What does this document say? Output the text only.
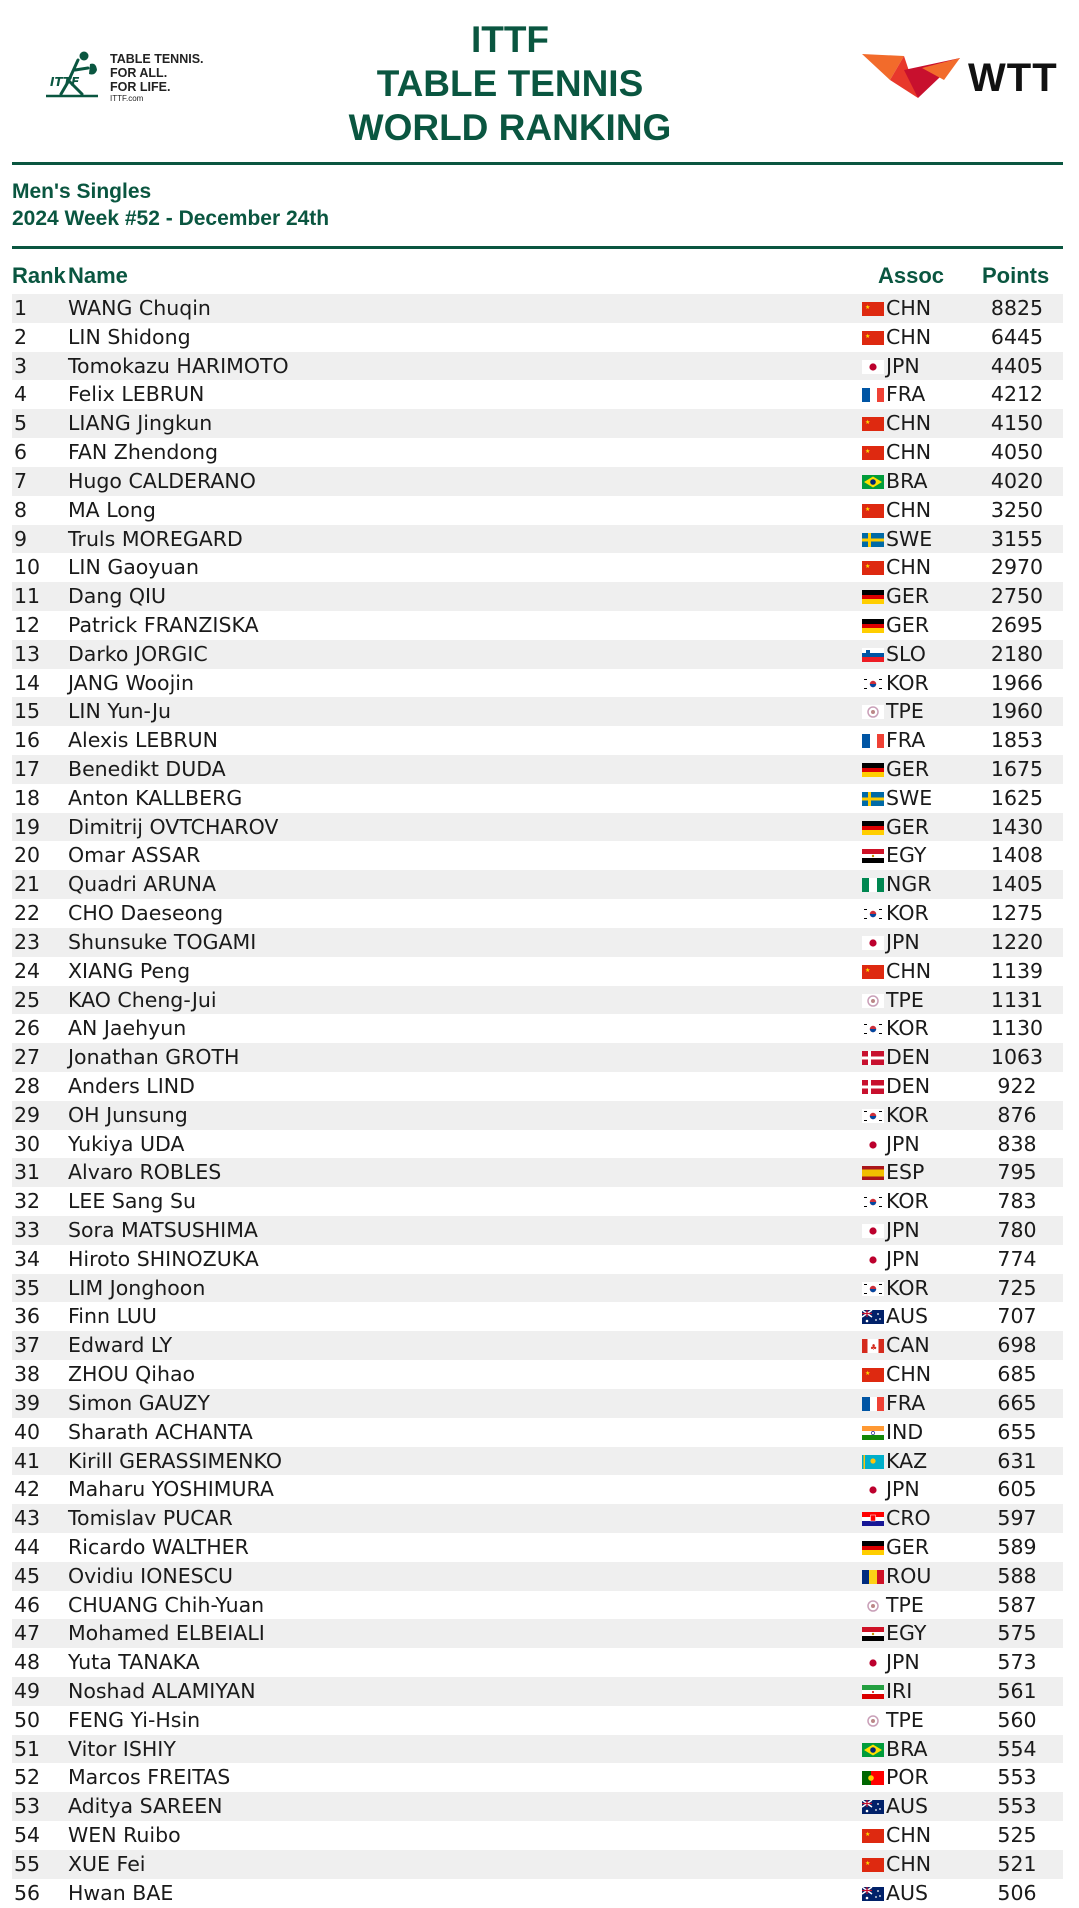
ITTF
TABLE TENNIS.
FOR ALL.
FOR LIFE.
ITTF.com
ITTF
TABLE TENNIS
WORLD RANKING
WTT
Men's Singles
2024 Week #52 - December 24th
Rank Name	Assoc Points
1 WANG Chuqin	★ CHN	8825
2 LIN Shidong	★ CHN	6445
3 Tomokazu HARIMOTO	JPN	4405
4 Felix LEBRUN	FRA	4212
5 LIANG Jingkun	★ CHN	4150
6 FAN Zhendong	★ CHN	4050
7 Hugo CALDERANO	BRA	4020
8 MA Long	★ CHN	3250
9 Truls MOREGARD	SWE	3155
10 LIN Gaoyuan	★ CHN	2970
11 Dang QIU	GER	2750
12 Patrick FRANZISKA	GER	2695
13 Darko JORGIC	SLO	2180
14 JANG Woojin	KOR	1966
15 LIN Yun-Ju	TPE	1960
16 Alexis LEBRUN	FRA	1853
17 Benedikt DUDA	GER	1675
18 Anton KALLBERG	SWE	1625
19 Dimitrij OVTCHAROV	GER	1430
20 Omar ASSAR	EGY	1408
21 Quadri ARUNA	NGR	1405
22 CHO Daeseong	KOR	1275
23 Shunsuke TOGAMI	JPN	1220
24 XIANG Peng	★ CHN	1139
25 KAO Cheng-Jui	TPE	1131
26 AN Jaehyun	KOR	1130
27 Jonathan GROTH	DEN	1063
28 Anders LIND	DEN	922
29 OH Junsung	KOR	876
30 Yukiya UDA	JPN	838
31 Alvaro ROBLES	ESP	795
32 LEE Sang Su	KOR	783
33 Sora MATSUSHIMA	JPN	780
34 Hiroto SHINOZUKA	JPN	774
35 LIM Jonghoon	KOR	725
36 Finn LUU	AUS	707
37 Edward LY	♣ CAN	698
38 ZHOU Qihao	★ CHN	685
39 Simon GAUZY	FRA	665
40 Sharath ACHANTA	IND	655
41 Kirill GERASSIMENKO	KAZ	631
42 Maharu YOSHIMURA	JPN	605
43 Tomislav PUCAR	CRO	597
44 Ricardo WALTHER	GER	589
45 Ovidiu IONESCU	ROU	588
46 CHUANG Chih-Yuan	TPE	587
47 Mohamed ELBEIALI	EGY	575
48 Yuta TANAKA	JPN	573
49 Noshad ALAMIYAN	IRI	561
50 FENG Yi-Hsin	TPE	560
51 Vitor ISHIY	BRA	554
52 Marcos FREITAS	POR	553
53 Aditya SAREEN	AUS	553
54 WEN Ruibo	★ CHN	525
55 XUE Fei	★ CHN	521
56 Hwan BAE	AUS	506
